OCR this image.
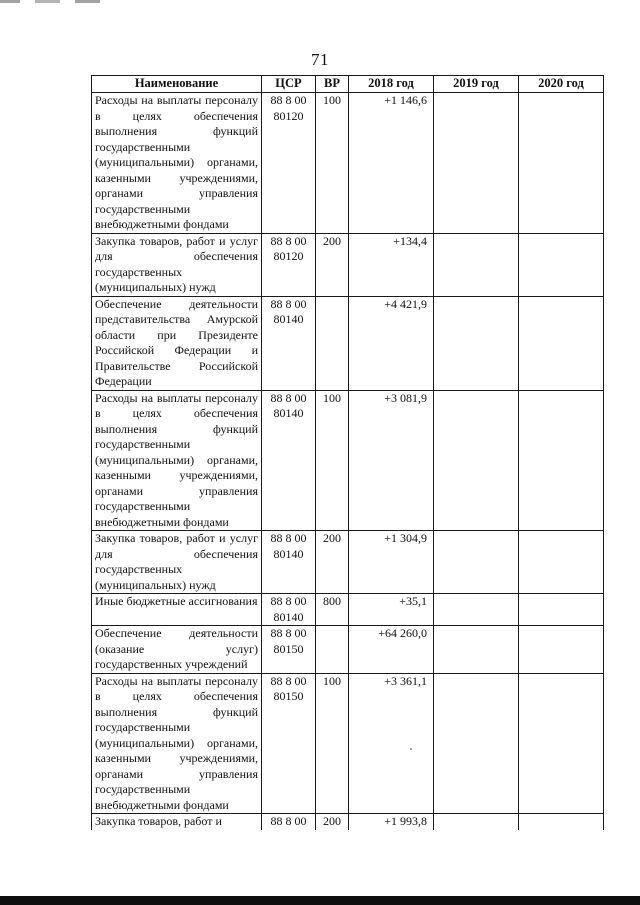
71
Наименование	ЦСР	ВР	2018 год	2019 год	2020 год
Расходы на выплаты персоналу в целях обеспечения выполнения функций государственными (муниципальными) органами, казенными учреждениями, органами управления государственными внебюджетными фондами	88 8 00 80120	100	+1 146,6		
Закупка товаров, работ и услуг для обеспечения государственных (муниципальных) нужд	88 8 00 80120	200	+134,4		
Обеспечение деятельности представительства Амурской области при Президенте Российской Федерации и Правительстве Российской Федерации	88 8 00 80140		+4 421,9		
Расходы на выплаты персоналу в целях обеспечения выполнения функций государственными (муниципальными) органами, казенными учреждениями, органами управления государственными внебюджетными фондами	88 8 00 80140	100	+3 081,9		
Закупка товаров, работ и услуг для обеспечения государственных (муниципальных) нужд	88 8 00 80140	200	+1 304,9		
Иные бюджетные ассигнования	88 8 00 80140	800	+35,1		
Обеспечение деятельности (оказание услуг) государственных учреждений	88 8 00 80150		+64 260,0		
Расходы на выплаты персоналу в целях обеспечения выполнения функций государственными (муниципальными) органами, казенными учреждениями, органами управления государственными внебюджетными фондами	88 8 00 80150	100	+3 361,1		
Закупка товаров, работ и	88 8 00	200	+1 993,8		
